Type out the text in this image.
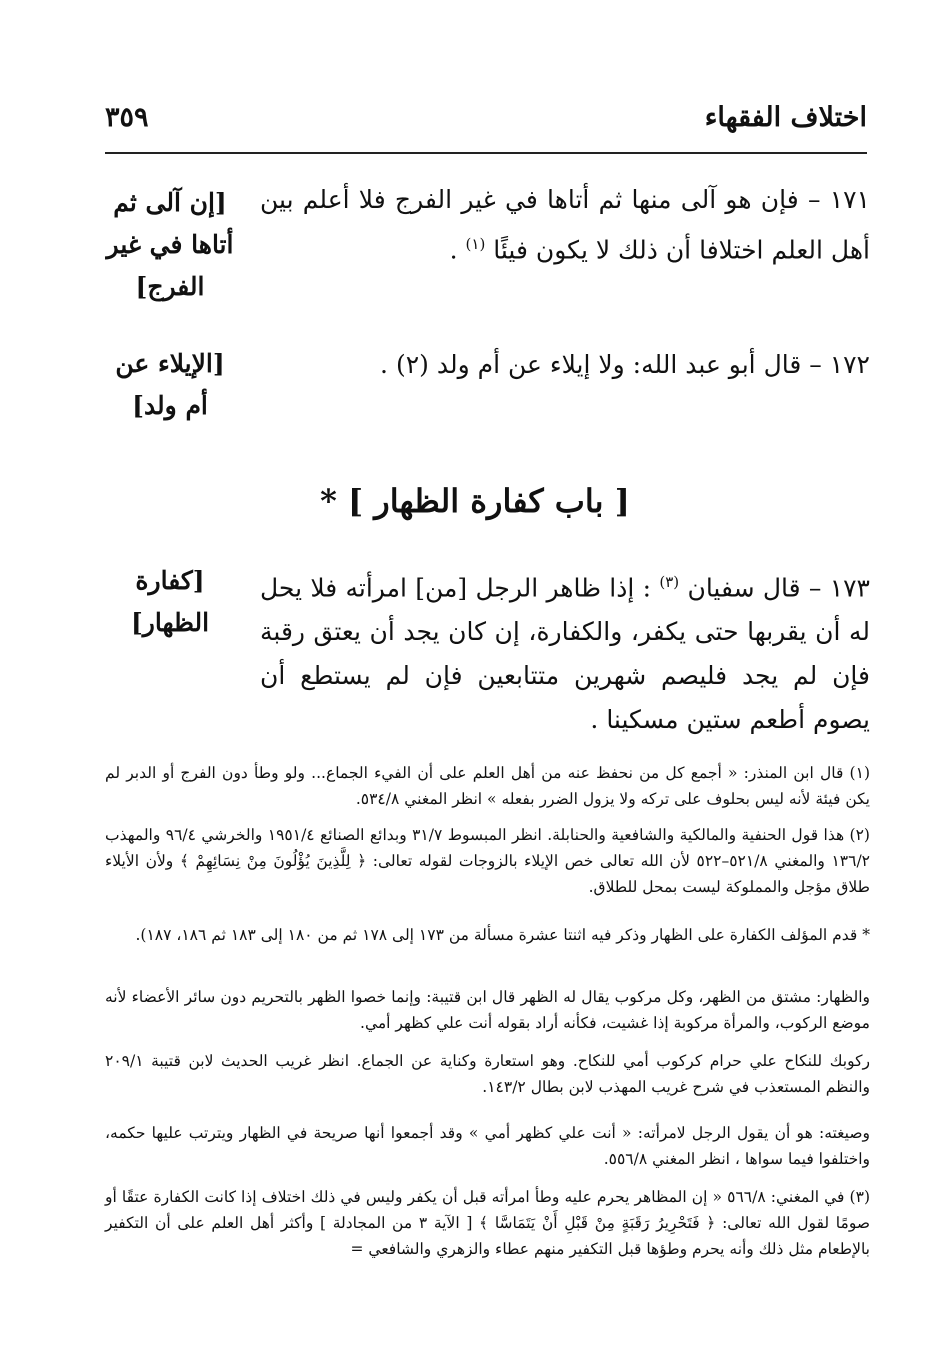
اختلاف الفقهاء
٣٥٩
١٧١ – فإن هو آلى منها ثم أتاها في غير الفرج فلا أعلم بين أهل العلم اختلافا أن ذلك لا يكون فيئًا $^{(١)}$ .
[إن آلى ثم أتاها في غير الفرج]
١٧٢ – قال أبو عبد الله: ولا إيلاء عن أم ولد (٢) .
[الإيلاء عن أم ولد]
[ باب كفارة الظهار ] *
١٧٣ – قال سفيان $^{(٣)}$ : إذا ظاهر الرجل [من] امرأته فلا يحل له أن يقربها حتى يكفر، والكفارة، إن كان يجد أن يعتق رقبة فإن لم يجد فليصم شهرين متتابعين فإن لم يستطع أن يصوم أطعم ستين مسكينا .
[كفارة الظهار]
(١) قال ابن المنذر: « أجمع كل من نحفظ عنه من أهل العلم على أن الفيء الجماع... ولو وطأ دون الفرج أو الدبر لم يكن فيئة لأنه ليس بحلوف على تركه ولا يزول الضرر بفعله » انظر المغني ٥٣٤/٨.
(٢) هذا قول الحنفية والمالكية والشافعية والحنابلة. انظر المبسوط ٣١/٧ وبدائع الصنائع ١٩٥١/٤ والخرشي ٩٦/٤ والمهذب ١٣٦/٢ والمغني ٥٢١/٨–٥٢٢ لأن الله تعالى خص الإيلاء بالزوجات لقوله تعالى: ﴿ لِلَّذِينَ يُؤْلُونَ مِنْ نِسَائِهِمْ ﴾ ولأن الأيلاء طلاق مؤجل والمملوكة ليست بمحل للطلاق.
* قدم المؤلف الكفارة على الظهار وذكر فيه اثنتا عشرة مسألة من ١٧٣ إلى ١٧٨ ثم من ١٨٠ إلى ١٨٣ ثم ١٨٦، ١٨٧).
والظهار: مشتق من الظهر، وكل مركوب يقال له الظهر قال ابن قتيبة: وإنما خصوا الظهر بالتحريم دون سائر الأعضاء لأنه موضع الركوب، والمرأة مركوبة إذا غشيت، فكأنه أراد بقوله أنت علي كظهر أمي.
ركوبك للنكاح علي حرام كركوب أمي للنكاح. وهو استعارة وكناية عن الجماع. انظر غريب الحديث لابن قتيبة ٢٠٩/١ والنظم المستعذب في شرح غريب المهذب لابن بطال ١٤٣/٢.
وصيغته: هو أن يقول الرجل لامرأته: « أنت علي كظهر أمي » وقد أجمعوا أنها صريحة في الظهار ويترتب عليها حكمه، واختلفوا فيما سواها ، انظر المغني ٥٥٦/٨.
(٣) في المغني: ٥٦٦/٨ « إن المظاهر يحرم عليه وطأ امرأته قبل أن يكفر وليس في ذلك اختلاف إذا كانت الكفارة عتقًا أو صومًا لقول الله تعالى: ﴿ فَتَحْرِيرُ رَقَبَةٍ مِنْ قَبْلِ أَنْ يَتَمَاسَّا ﴾ [ الآية ٣ من المجادلة ] وأكثر أهل العلم على أن التكفير بالإطعام مثل ذلك وأنه يحرم وطؤها قبل التكفير منهم عطاء والزهري والشافعي =
